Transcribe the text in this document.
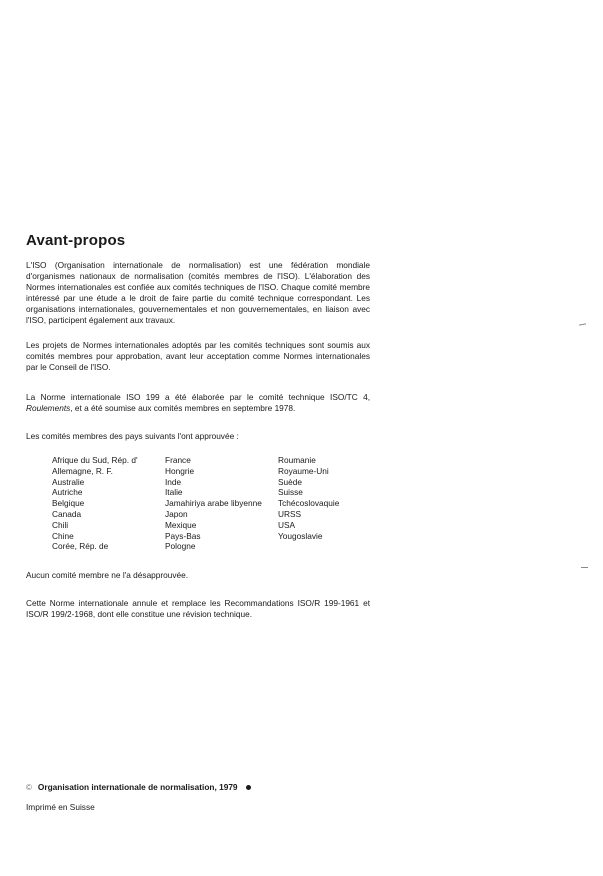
Avant-propos
L'ISO (Organisation internationale de normalisation) est une fédération mondiale d'organismes nationaux de normalisation (comités membres de l'ISO). L'élaboration des Normes internationales est confiée aux comités techniques de l'ISO. Chaque comité membre intéressé par une étude a le droit de faire partie du comité technique correspondant. Les organisations internationales, gouvernementales et non gouvernementales, en liaison avec l'ISO, participent également aux travaux.
Les projets de Normes internationales adoptés par les comités techniques sont soumis aux comités membres pour approbation, avant leur acceptation comme Normes internationales par le Conseil de l'ISO.
La Norme internationale ISO 199 a été élaborée par le comité technique ISO/TC 4, Roulements, et a été soumise aux comités membres en septembre 1978.
Les comités membres des pays suivants l'ont approuvée :
Afrique du Sud, Rép. d'
Allemagne, R. F.
Australie
Autriche
Belgique
Canada
Chili
Chine
Corée, Rép. de
France
Hongrie
Inde
Italie
Jamahiriya arabe libyenne
Japon
Mexique
Pays-Bas
Pologne
Roumanie
Royaume-Uni
Suède
Suisse
Tchécoslovaquie
URSS
USA
Yougoslavie
Aucun comité membre ne l'a désapprouvée.
Cette Norme internationale annule et remplace les Recommandations ISO/R 199-1961 et ISO/R 199/2-1968, dont elle constitue une révision technique.
© Organisation internationale de normalisation, 1979
Imprimé en Suisse
